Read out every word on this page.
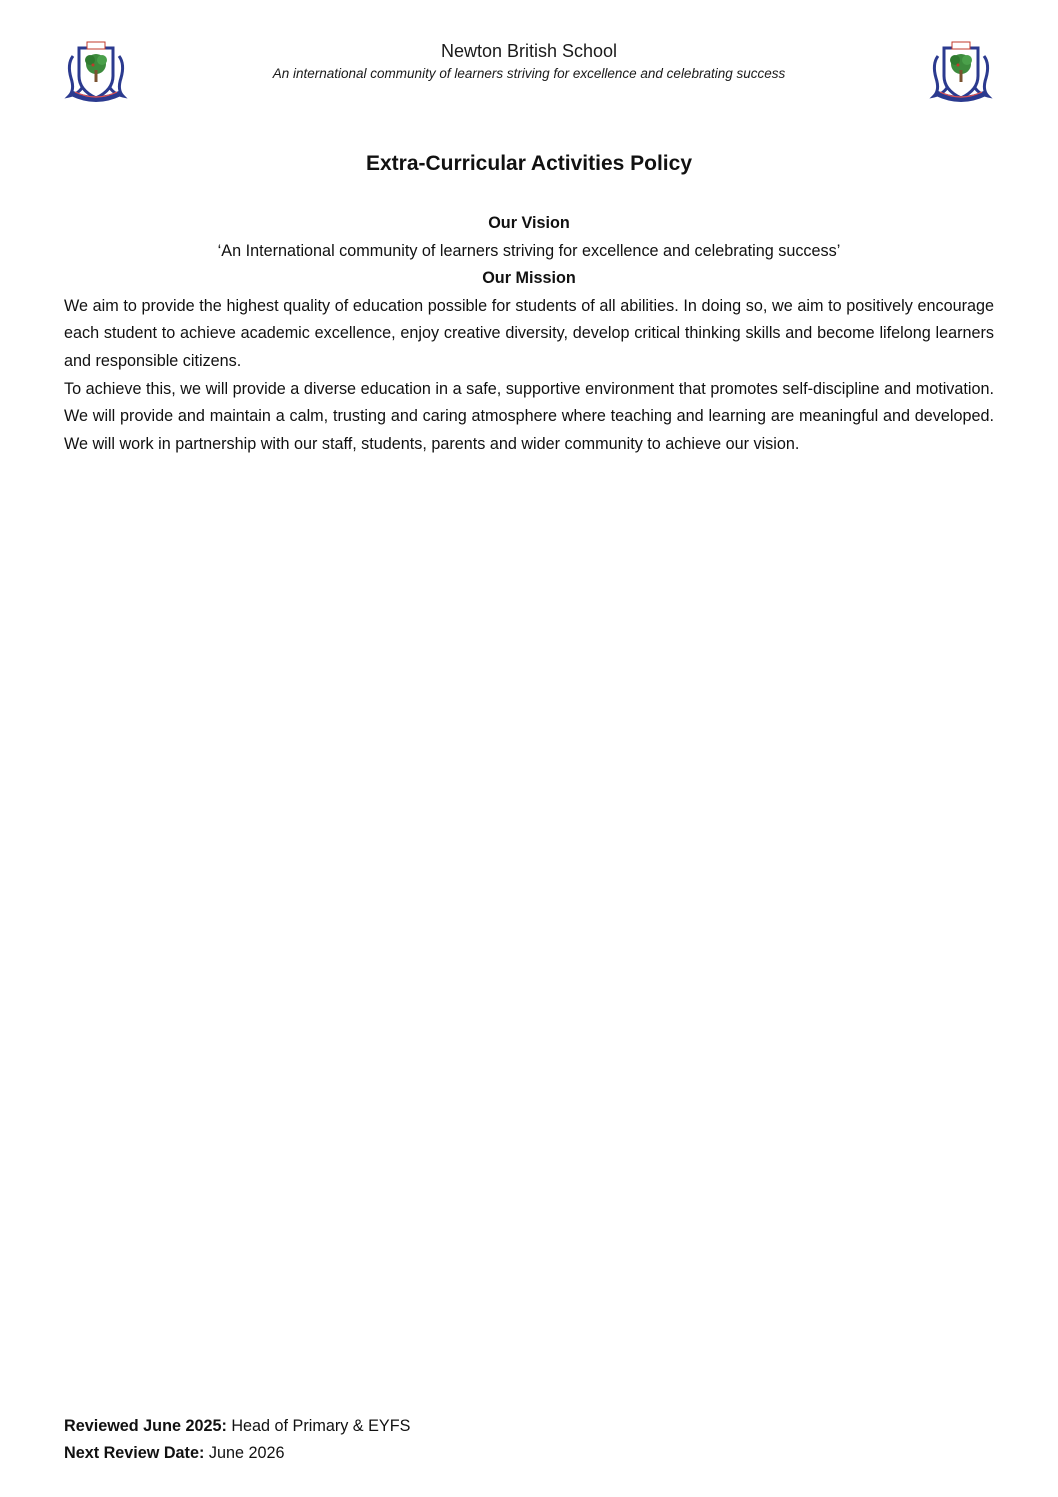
Newton British School
An international community of learners striving for excellence and celebrating success
Extra-Curricular Activities Policy
Our Vision
‘An International community of learners striving for excellence and celebrating success’
Our Mission

We aim to provide the highest quality of education possible for students of all abilities. In doing so, we aim to positively encourage each student to achieve academic excellence, enjoy creative diversity, develop critical thinking skills and become lifelong learners and responsible citizens.

To achieve this, we will provide a diverse education in a safe, supportive environment that promotes self-discipline and motivation. We will provide and maintain a calm, trusting and caring atmosphere where teaching and learning are meaningful and developed. We will work in partnership with our staff, students, parents and wider community to achieve our vision.

Reviewed June 2025: Head of Primary & EYFS
Next Review Date: June 2026
